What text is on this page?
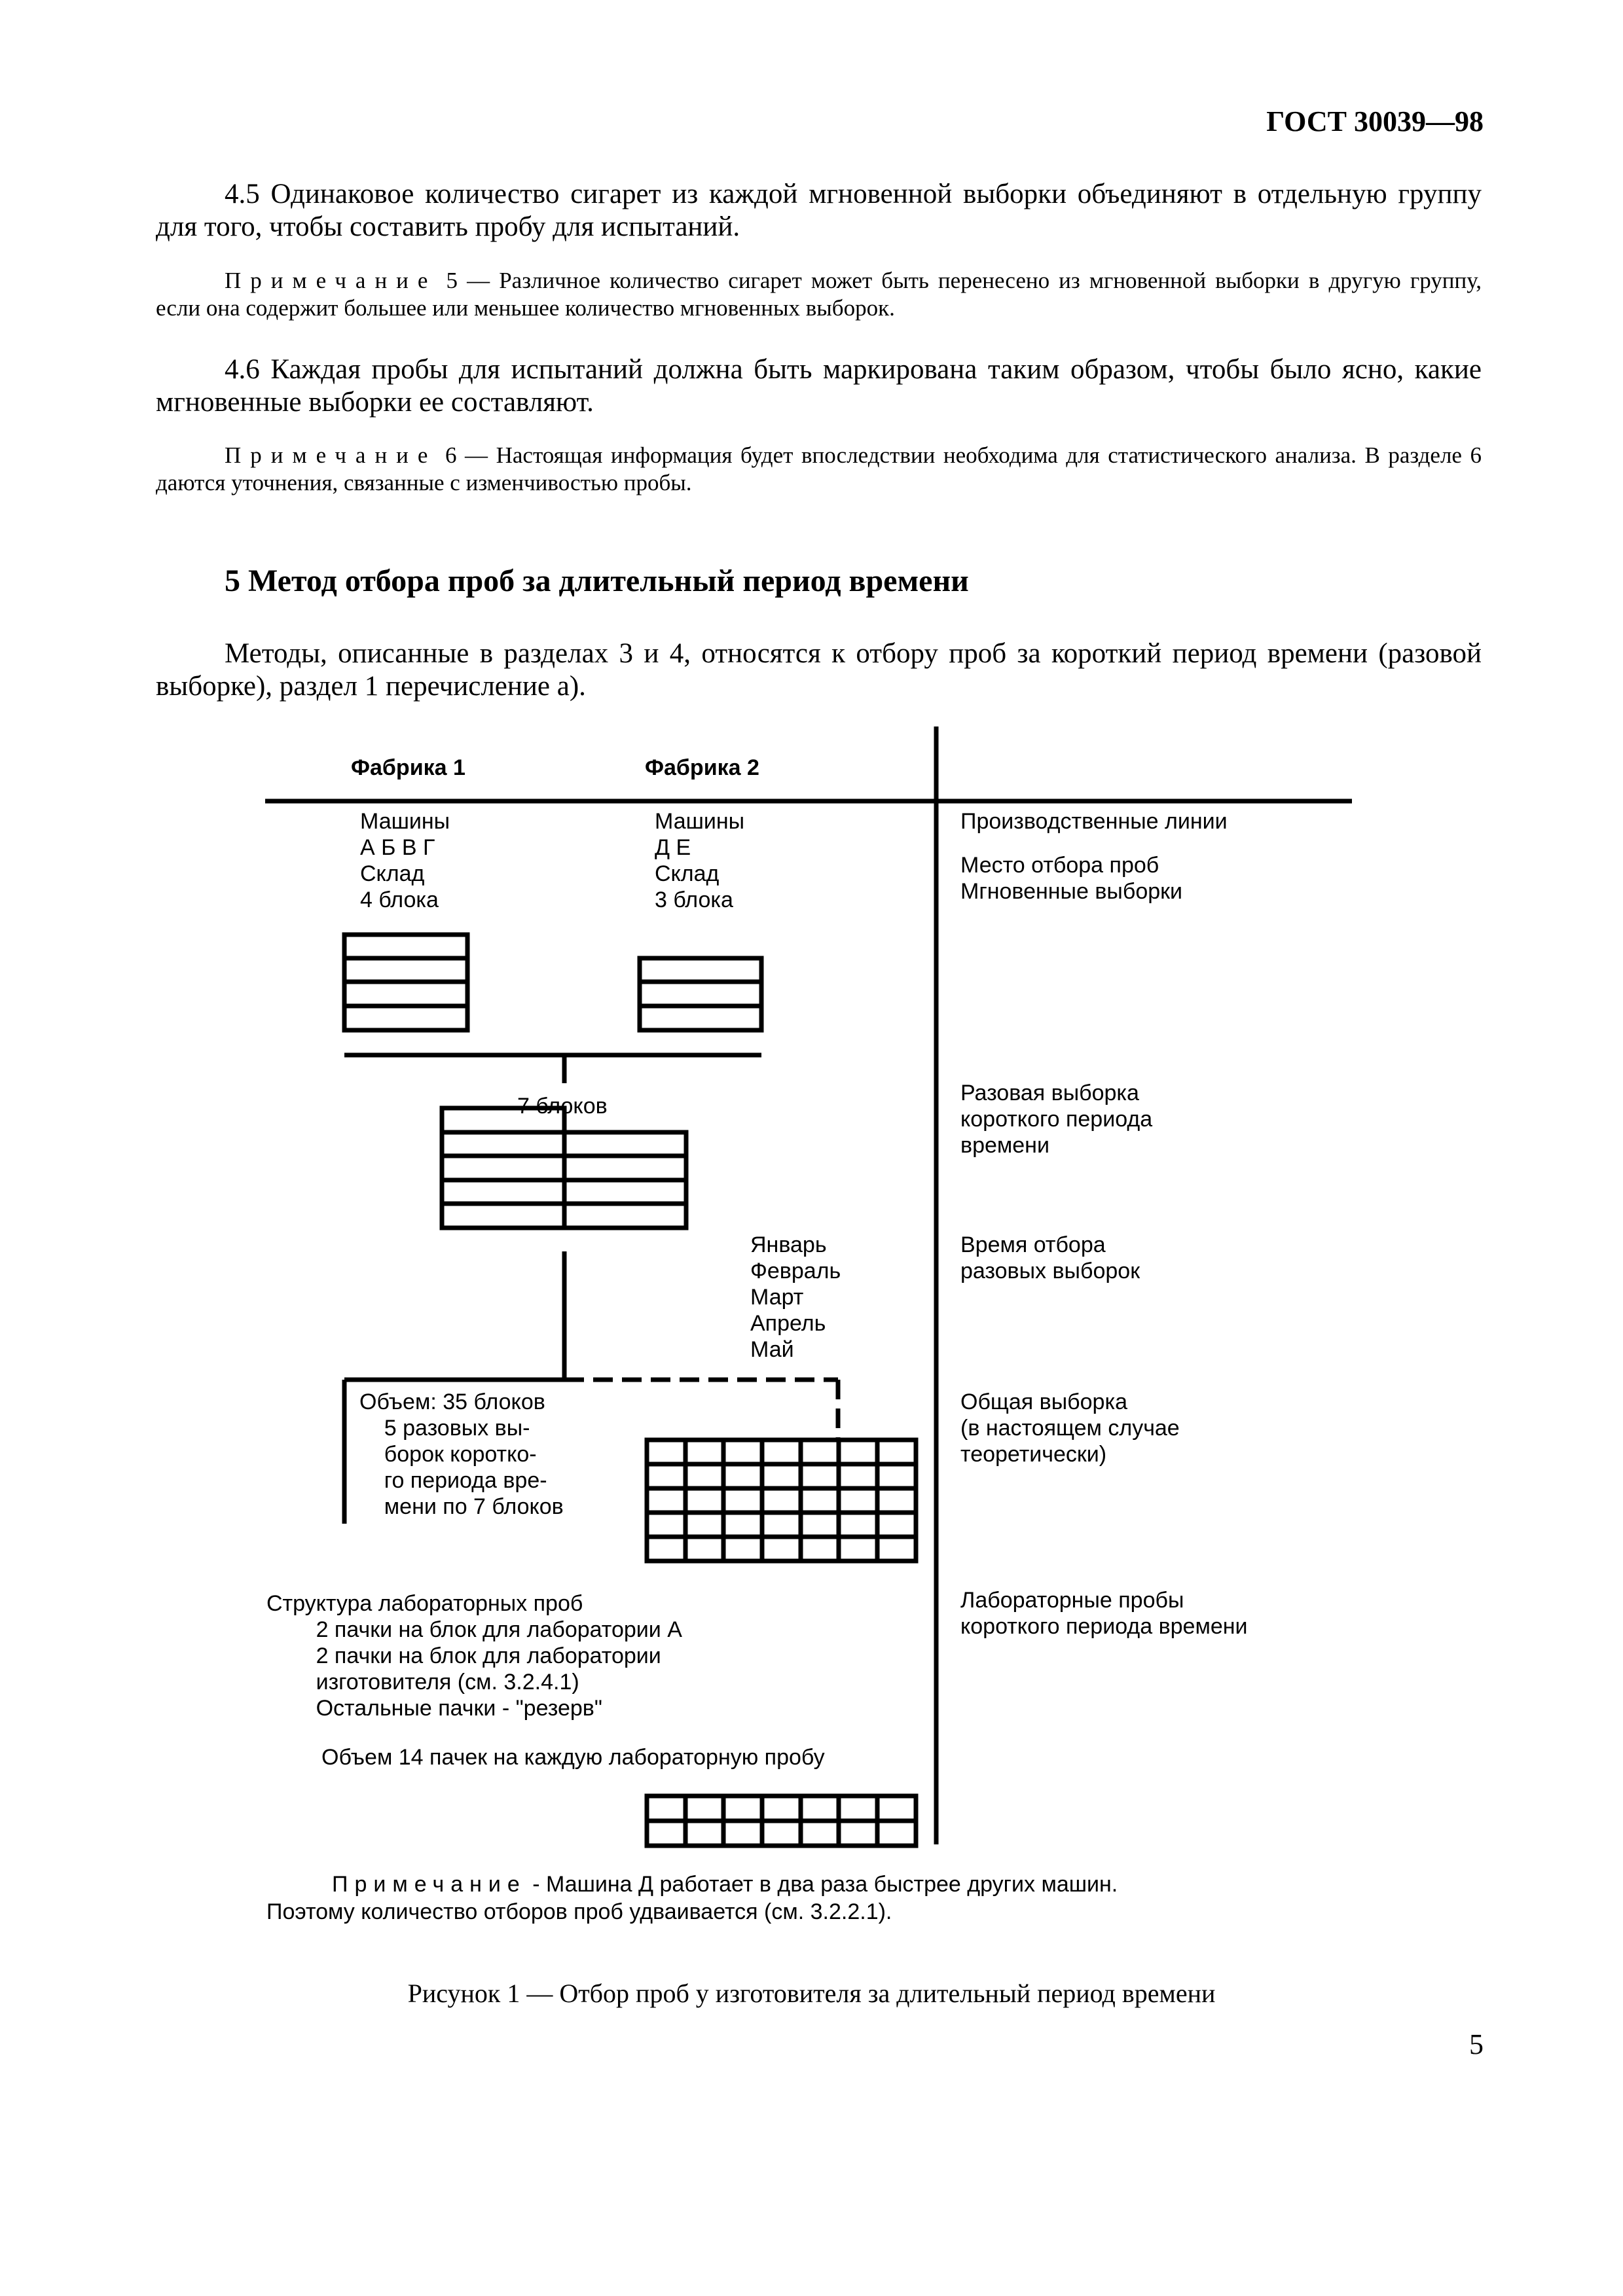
ГОСТ 30039—98
4.5 Одинаковое количество сигарет из каждой мгновенной выборки объединяют в отдельную группу для того, чтобы составить пробу для испытаний.
Примечание 5 — Различное количество сигарет может быть перенесено из мгновенной выборки в другую группу, если она содержит большее или меньшее количество мгновенных выборок.
4.6 Каждая пробы для испытаний должна быть маркирована таким образом, чтобы было ясно, какие мгновенные выборки ее составляют.
Примечание 6 — Настоящая информация будет впоследствии необходима для статистического анализа. В разделе 6 даются уточнения, связанные с изменчивостью пробы.
5 Метод отбора проб за длительный период времени
Методы, описанные в разделах 3 и 4, относятся к отбору проб за короткий период времени (разовой выборке), раздел 1 перечисление а).
Фабрика 1	Фабрика 2
Машины
А Б В Г
Склад
4 блока
Машины
Д Е
Склад
3 блока
7 блоков
Январь
Февраль
Март
Апрель
Май
Объем: 35 блоков
5 разовых вы-
борок коротко-
го периода вре-
мени по 7 блоков
Структура лабораторных проб
2 пачки на блок для лаборатории А
2 пачки на блок для лаборатории
изготовителя (см. 3.2.4.1)
Остальные пачки - "резерв"
Объем 14 пачек на каждую лабораторную пробу
Производственные линии
Место отбора проб
Мгновенные выборки
Разовая выборка
короткого периода
времени
Время отбора
разовых выборок
Общая выборка
(в настоящем случае
теоретически)
Лабораторные пробы
короткого периода времени
Примечание - Машина Д работает в два раза быстрее других машин.
Поэтому количество отборов проб удваивается (см. 3.2.2.1).
Рисунок 1 — Отбор проб у изготовителя за длительный период времени
5
